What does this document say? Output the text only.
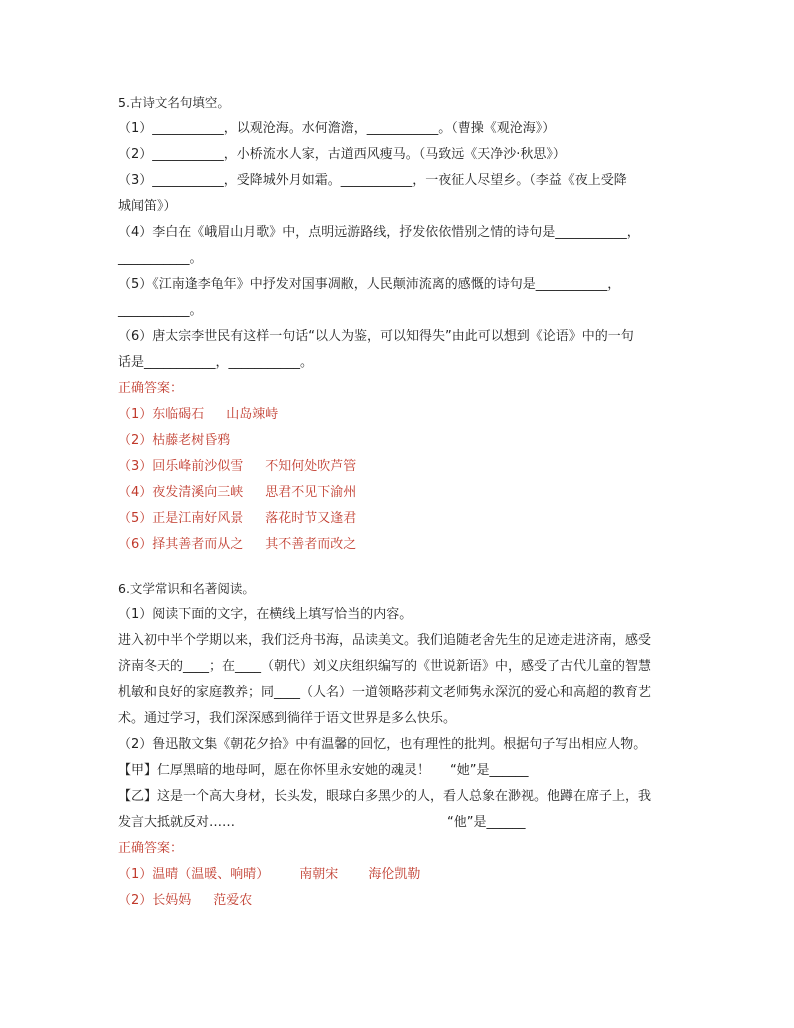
5.古诗文名句填空。
（1）___________，以观沧海。水何澹澹，___________。（曹操《观沧海》）
（2）___________，小桥流水人家，古道西风瘦马。（马致远《天净沙·秋思》）
（3）___________，受降城外月如霜。___________，一夜征人尽望乡。（李益《夜上受降
城闻笛》）
（4）李白在《峨眉山月歌》中，点明远游路线，抒发依依惜别之情的诗句是___________，
___________。
（5）《江南逢李龟年》中抒发对国事凋敝，人民颠沛流离的感慨的诗句是___________，
___________。
（6）唐太宗李世民有这样一句话“以人为鉴，可以知得失”由此可以想到《论语》中的一句
话是___________，___________。
正确答案：
（1）东临碣石 山岛竦峙
（2）枯藤老树昏鸦
（3）回乐峰前沙似雪 不知何处吹芦管
（4）夜发清溪向三峡 思君不见下渝州
（5）正是江南好风景 落花时节又逢君
（6）择其善者而从之 其不善者而改之
6.文学常识和名著阅读。
（1）阅读下面的文字，在横线上填写恰当的内容。
进入初中半个学期以来，我们泛舟书海，品读美文。我们追随老舍先生的足迹走进济南，感受
济南冬天的____；在____（朝代）刘义庆组织编写的《世说新语》中，感受了古代儿童的智慧
机敏和良好的家庭教养；同____（人名）一道领略莎莉文老师隽永深沉的爱心和高超的教育艺
术。通过学习，我们深深感到徜徉于语文世界是多么快乐。
（2）鲁迅散文集《朝花夕拾》中有温馨的回忆，也有理性的批判。根据句子写出相应人物。
【甲】仁厚黑暗的地母呵，愿在你怀里永安她的魂灵！ “她”是______
【乙】这是一个高大身材，长头发，眼球白多黑少的人，看人总象在渺视。他蹲在席子上，我
发言大抵就反对……	“他”是______
正确答案：
（1）温晴（温暖、响晴） 南朝宋 海伦凯勒
（2）长妈妈 范爱农
